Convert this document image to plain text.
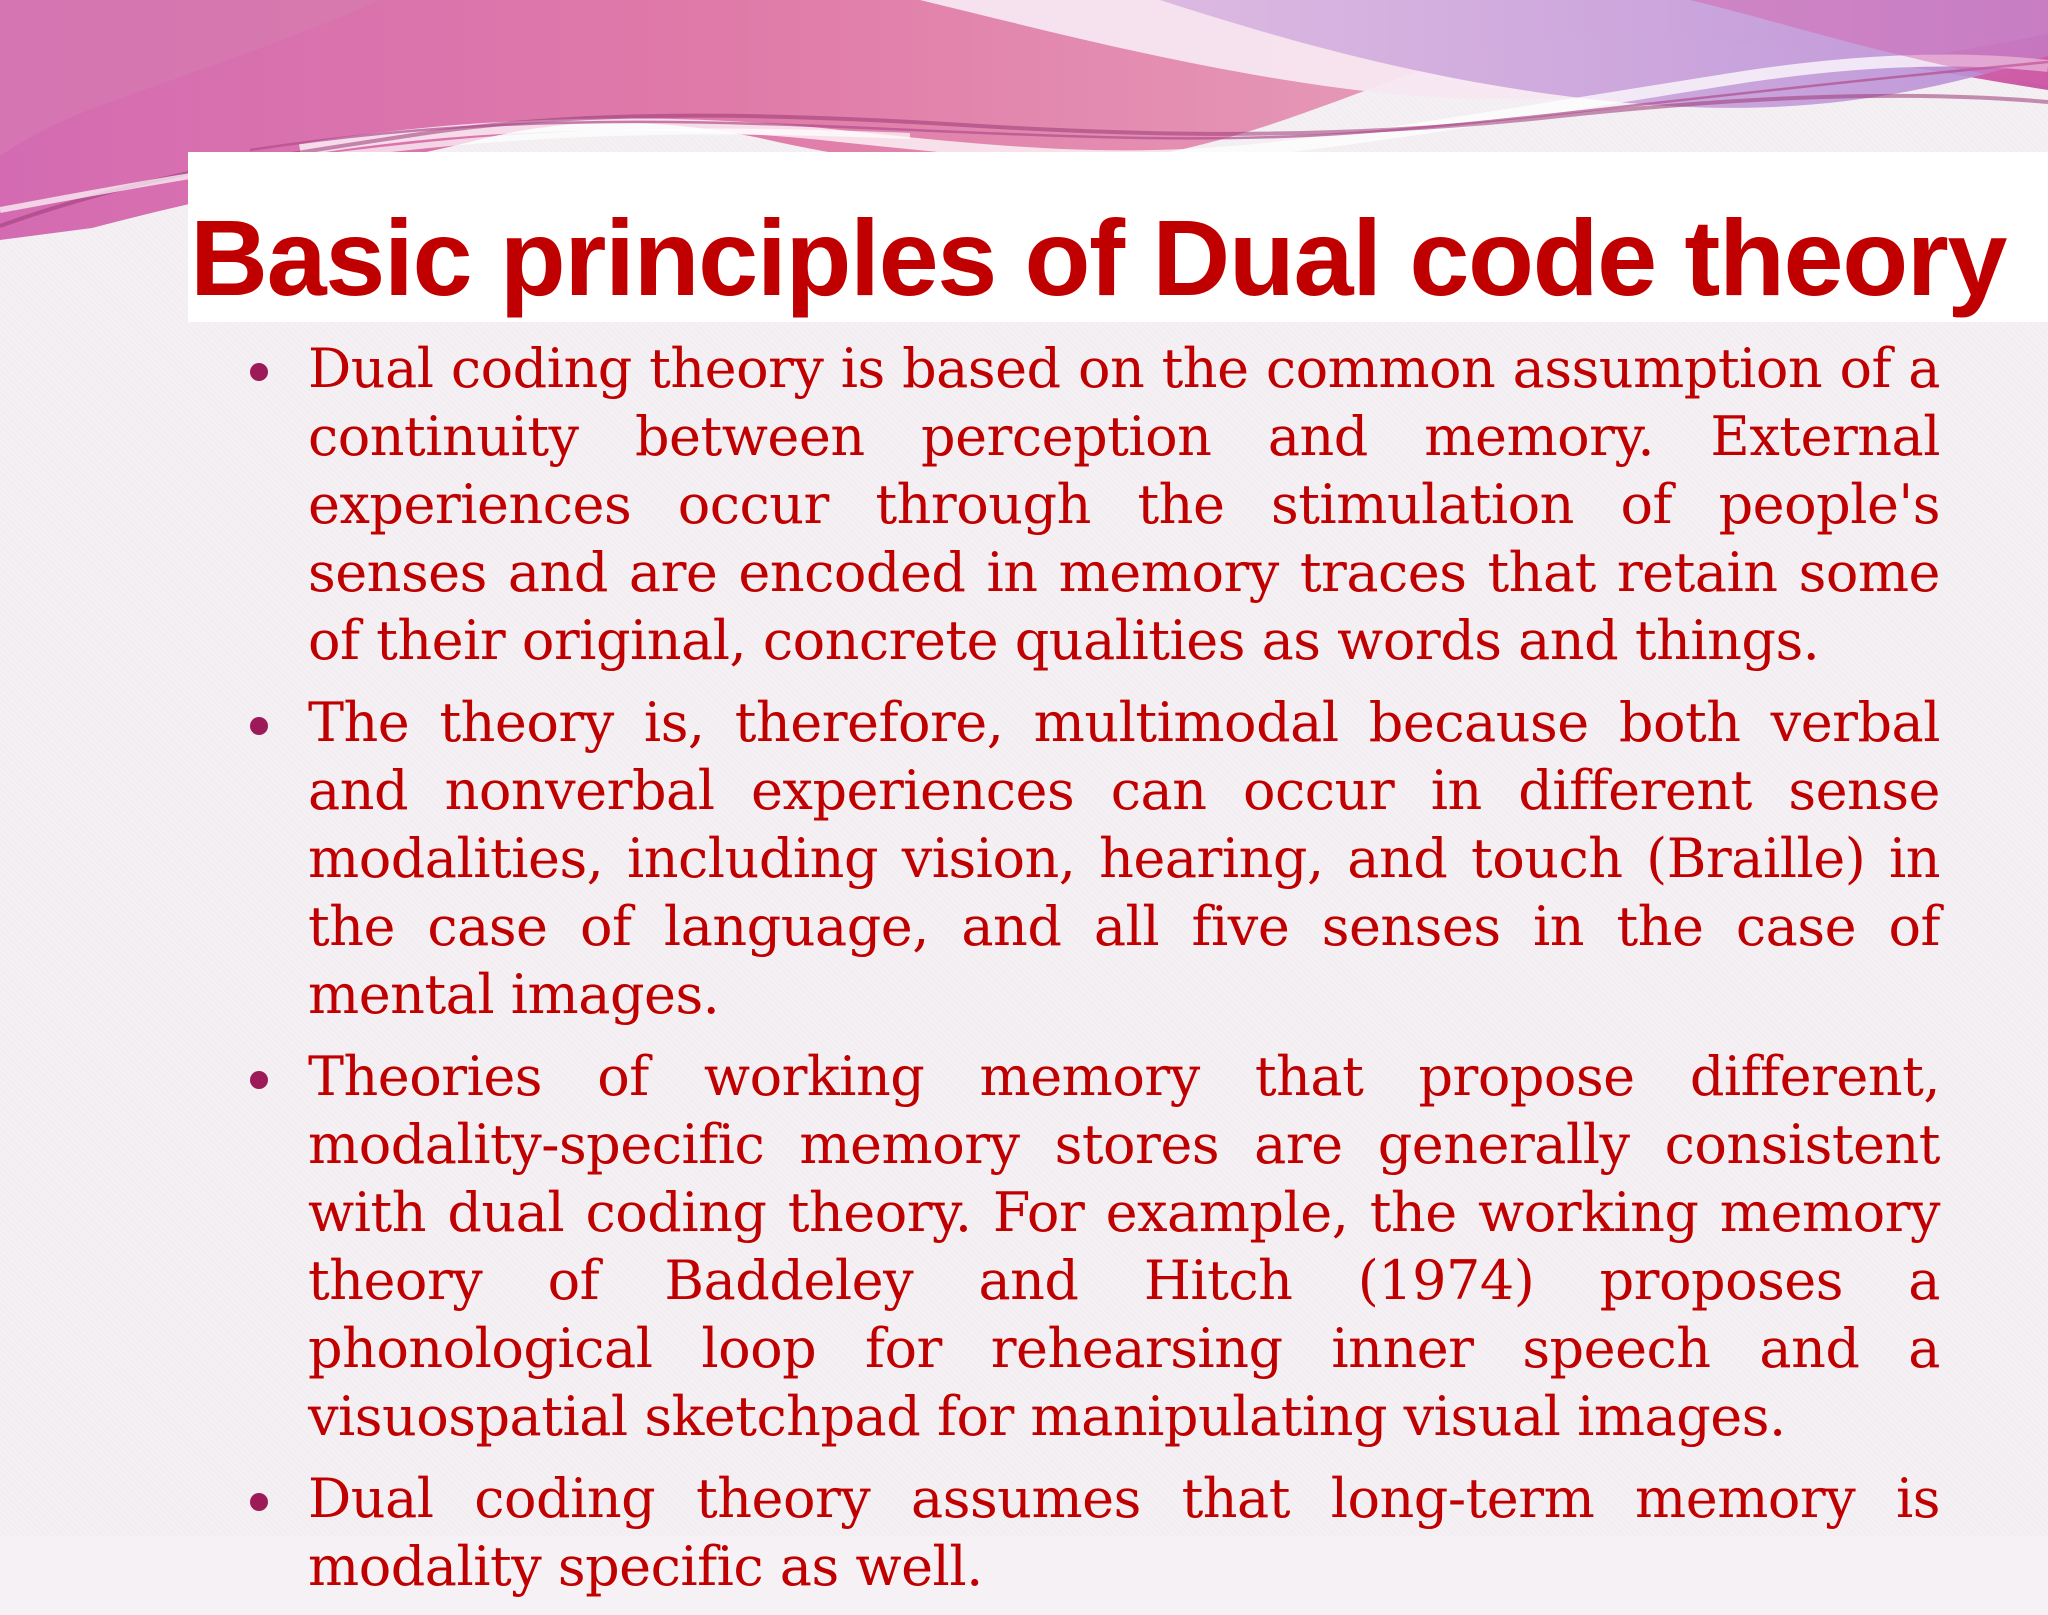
Basic principles of Dual code theory

Dual coding theory is based on the common assumption of a continuity between perception and memory. External experiences occur through the stimulation of people's senses and are encoded in memory traces that retain some of their original, concrete qualities as words and things.

The theory is, therefore, multimodal because both verbal and nonverbal experiences can occur in different sense modalities, including vision, hearing, and touch (Braille) in the case of language, and all five senses in the case of mental images.

Theories of working memory that propose different, modality-specific memory stores are generally consistent with dual coding theory. For example, the working memory theory of Baddeley and Hitch (1974) proposes a phonological loop for rehearsing inner speech and a visuospatial sketchpad for manipulating visual images.

Dual coding theory assumes that long-term memory is modality specific as well.
